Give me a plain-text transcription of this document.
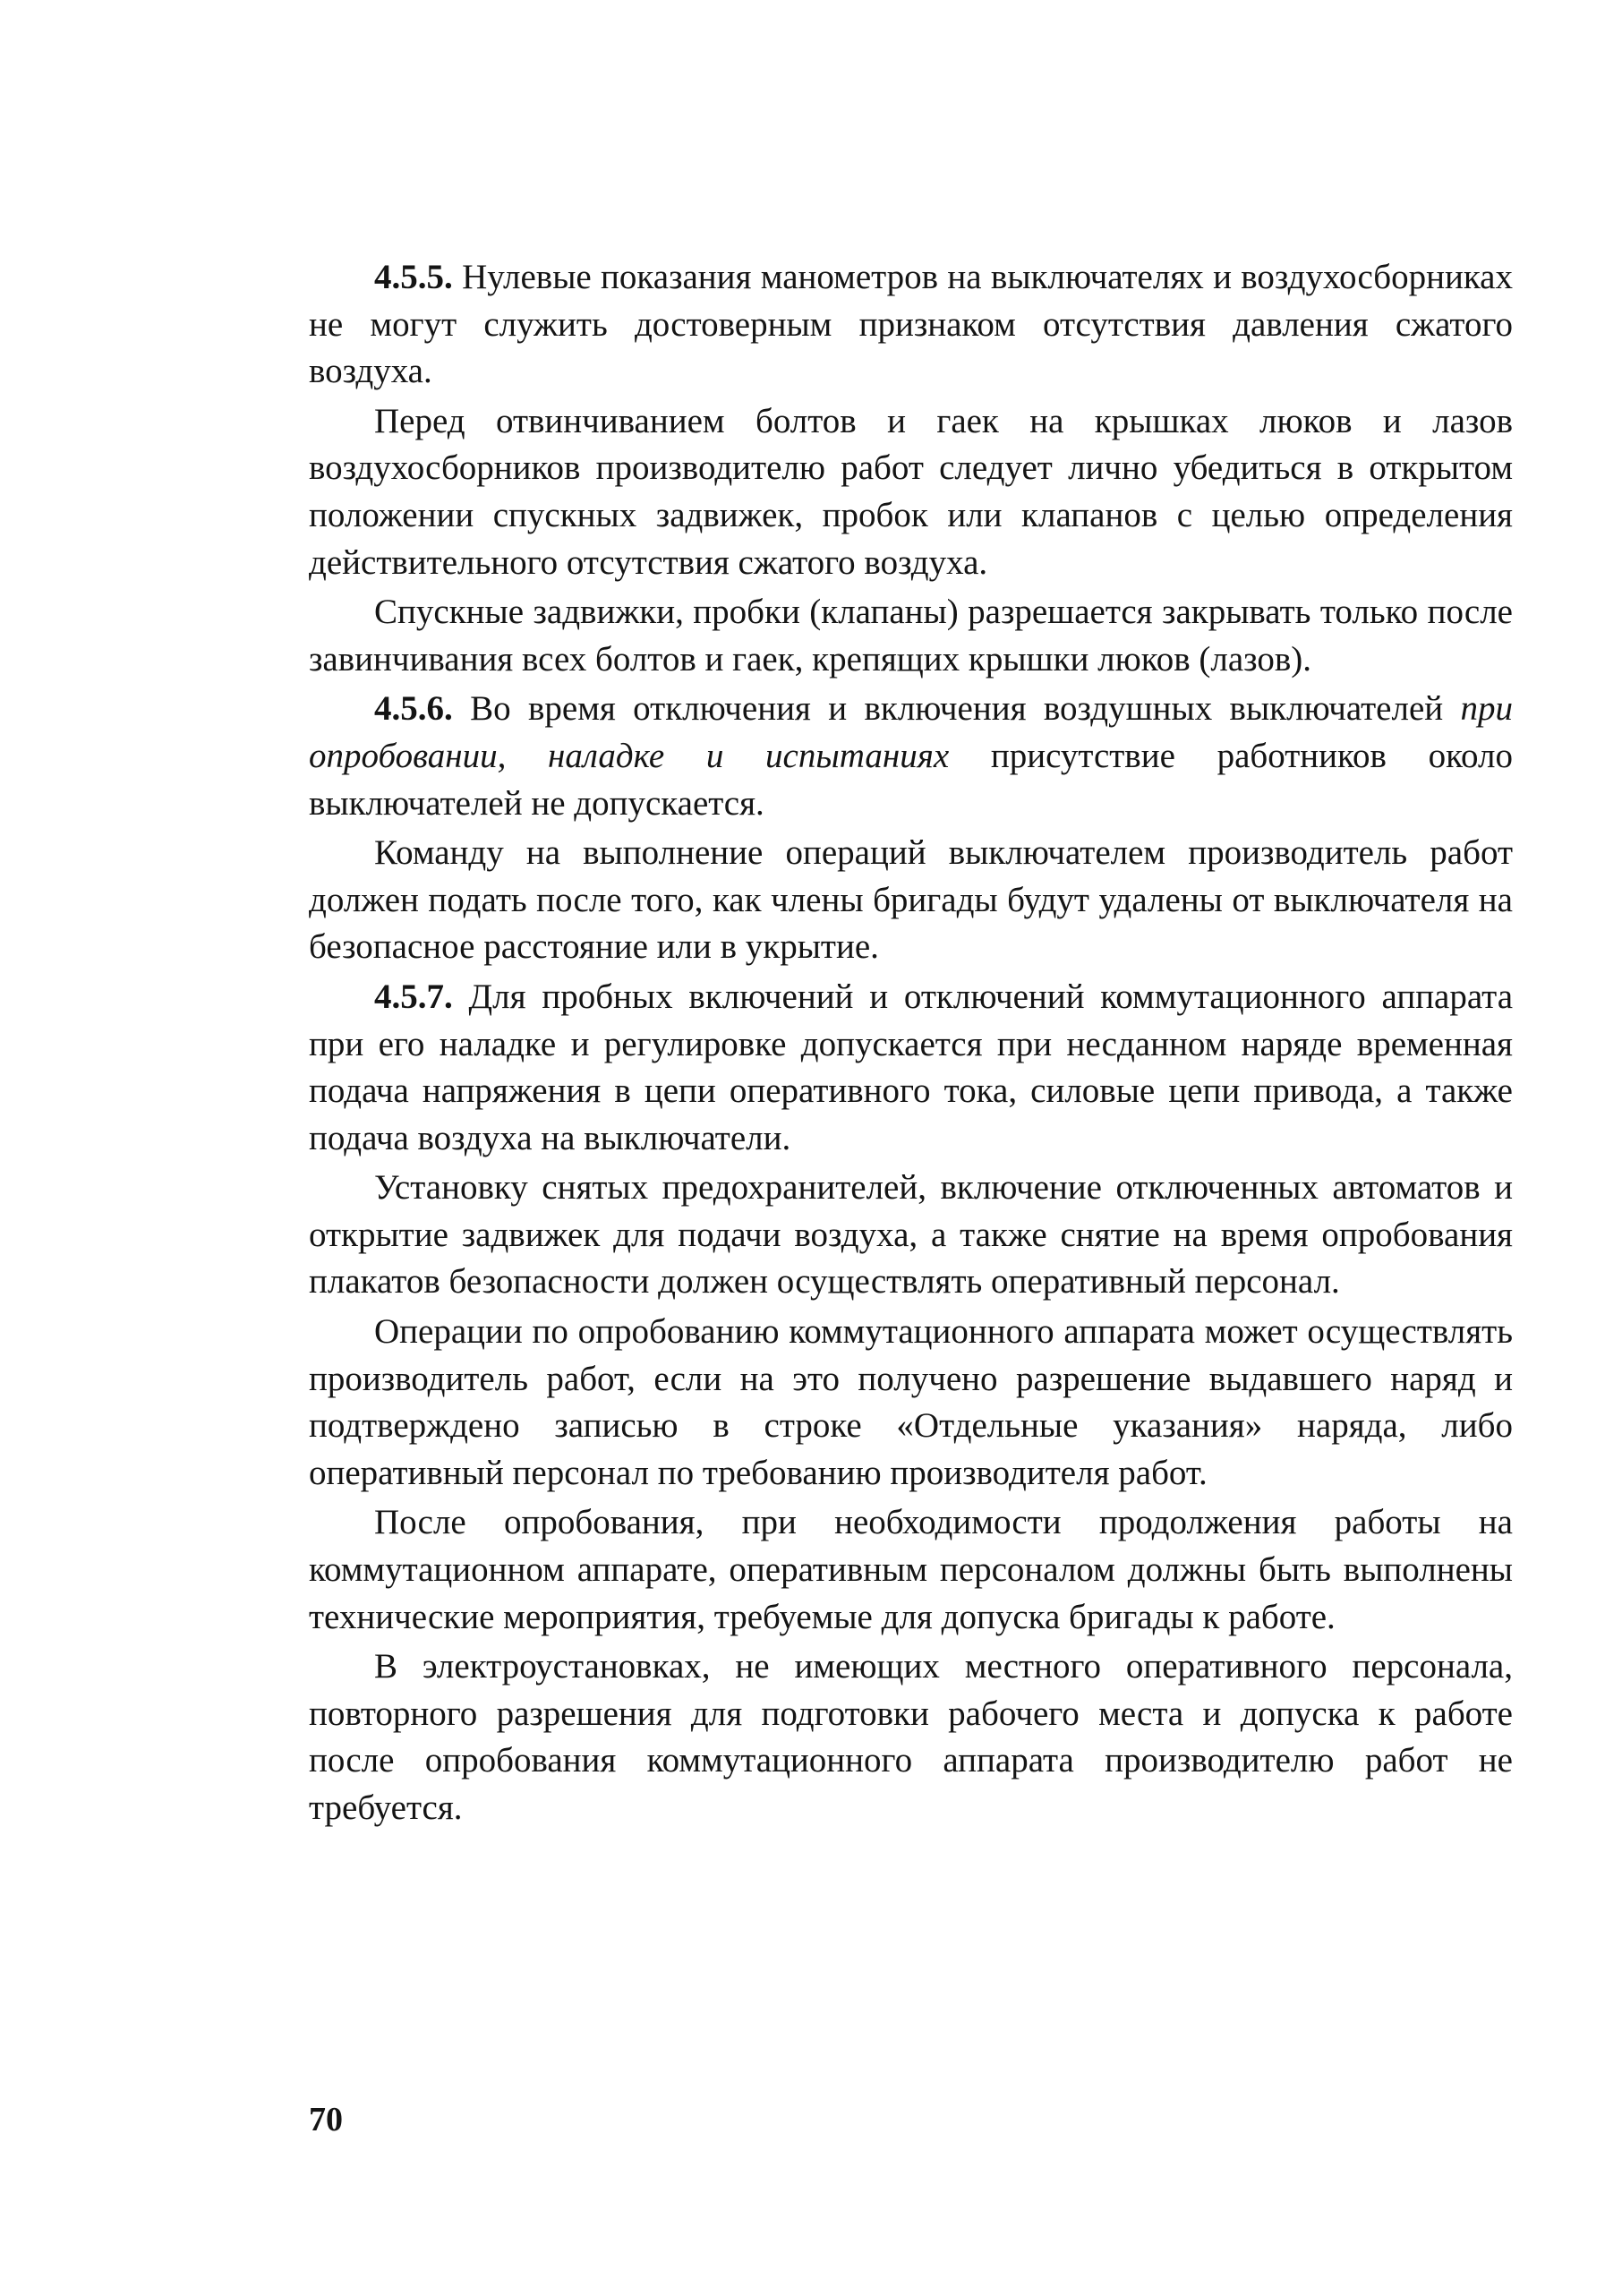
4.5.5. Нулевые показания манометров на выключателях и воздухосборниках не могут служить достоверным признаком отсутствия давления сжатого воздуха.

Перед отвинчиванием болтов и гаек на крышках люков и лазов воздухосборников производителю работ следует лично убедиться в открытом положении спускных задвижек, пробок или клапанов с целью определения действительного отсутствия сжатого воздуха.

Спускные задвижки, пробки (клапаны) разрешается закрывать только после завинчивания всех болтов и гаек, крепящих крышки люков (лазов).

4.5.6. Во время отключения и включения воздушных выключателей при опробовании, наладке и испытаниях присутствие работников около выключателей не допускается.

Команду на выполнение операций выключателем производитель работ должен подать после того, как члены бригады будут удалены от выключателя на безопасное расстояние или в укрытие.

4.5.7. Для пробных включений и отключений коммутационного аппарата при его наладке и регулировке допускается при несданном наряде временная подача напряжения в цепи оперативного тока, силовые цепи привода, а также подача воздуха на выключатели.

Установку снятых предохранителей, включение отключенных автоматов и открытие задвижек для подачи воздуха, а также снятие на время опробования плакатов безопасности должен осуществлять оперативный персонал.

Операции по опробованию коммутационного аппарата может осуществлять производитель работ, если на это получено разрешение выдавшего наряд и подтверждено записью в строке «Отдельные указания» наряда, либо оперативный персонал по требованию производителя работ.

После опробования, при необходимости продолжения работы на коммутационном аппарате, оперативным персоналом должны быть выполнены технические мероприятия, требуемые для допуска бригады к работе.

В электроустановках, не имеющих местного оперативного персонала, повторного разрешения для подготовки рабочего места и допуска к работе после опробования коммутационного аппарата производителю работ не требуется.

70
